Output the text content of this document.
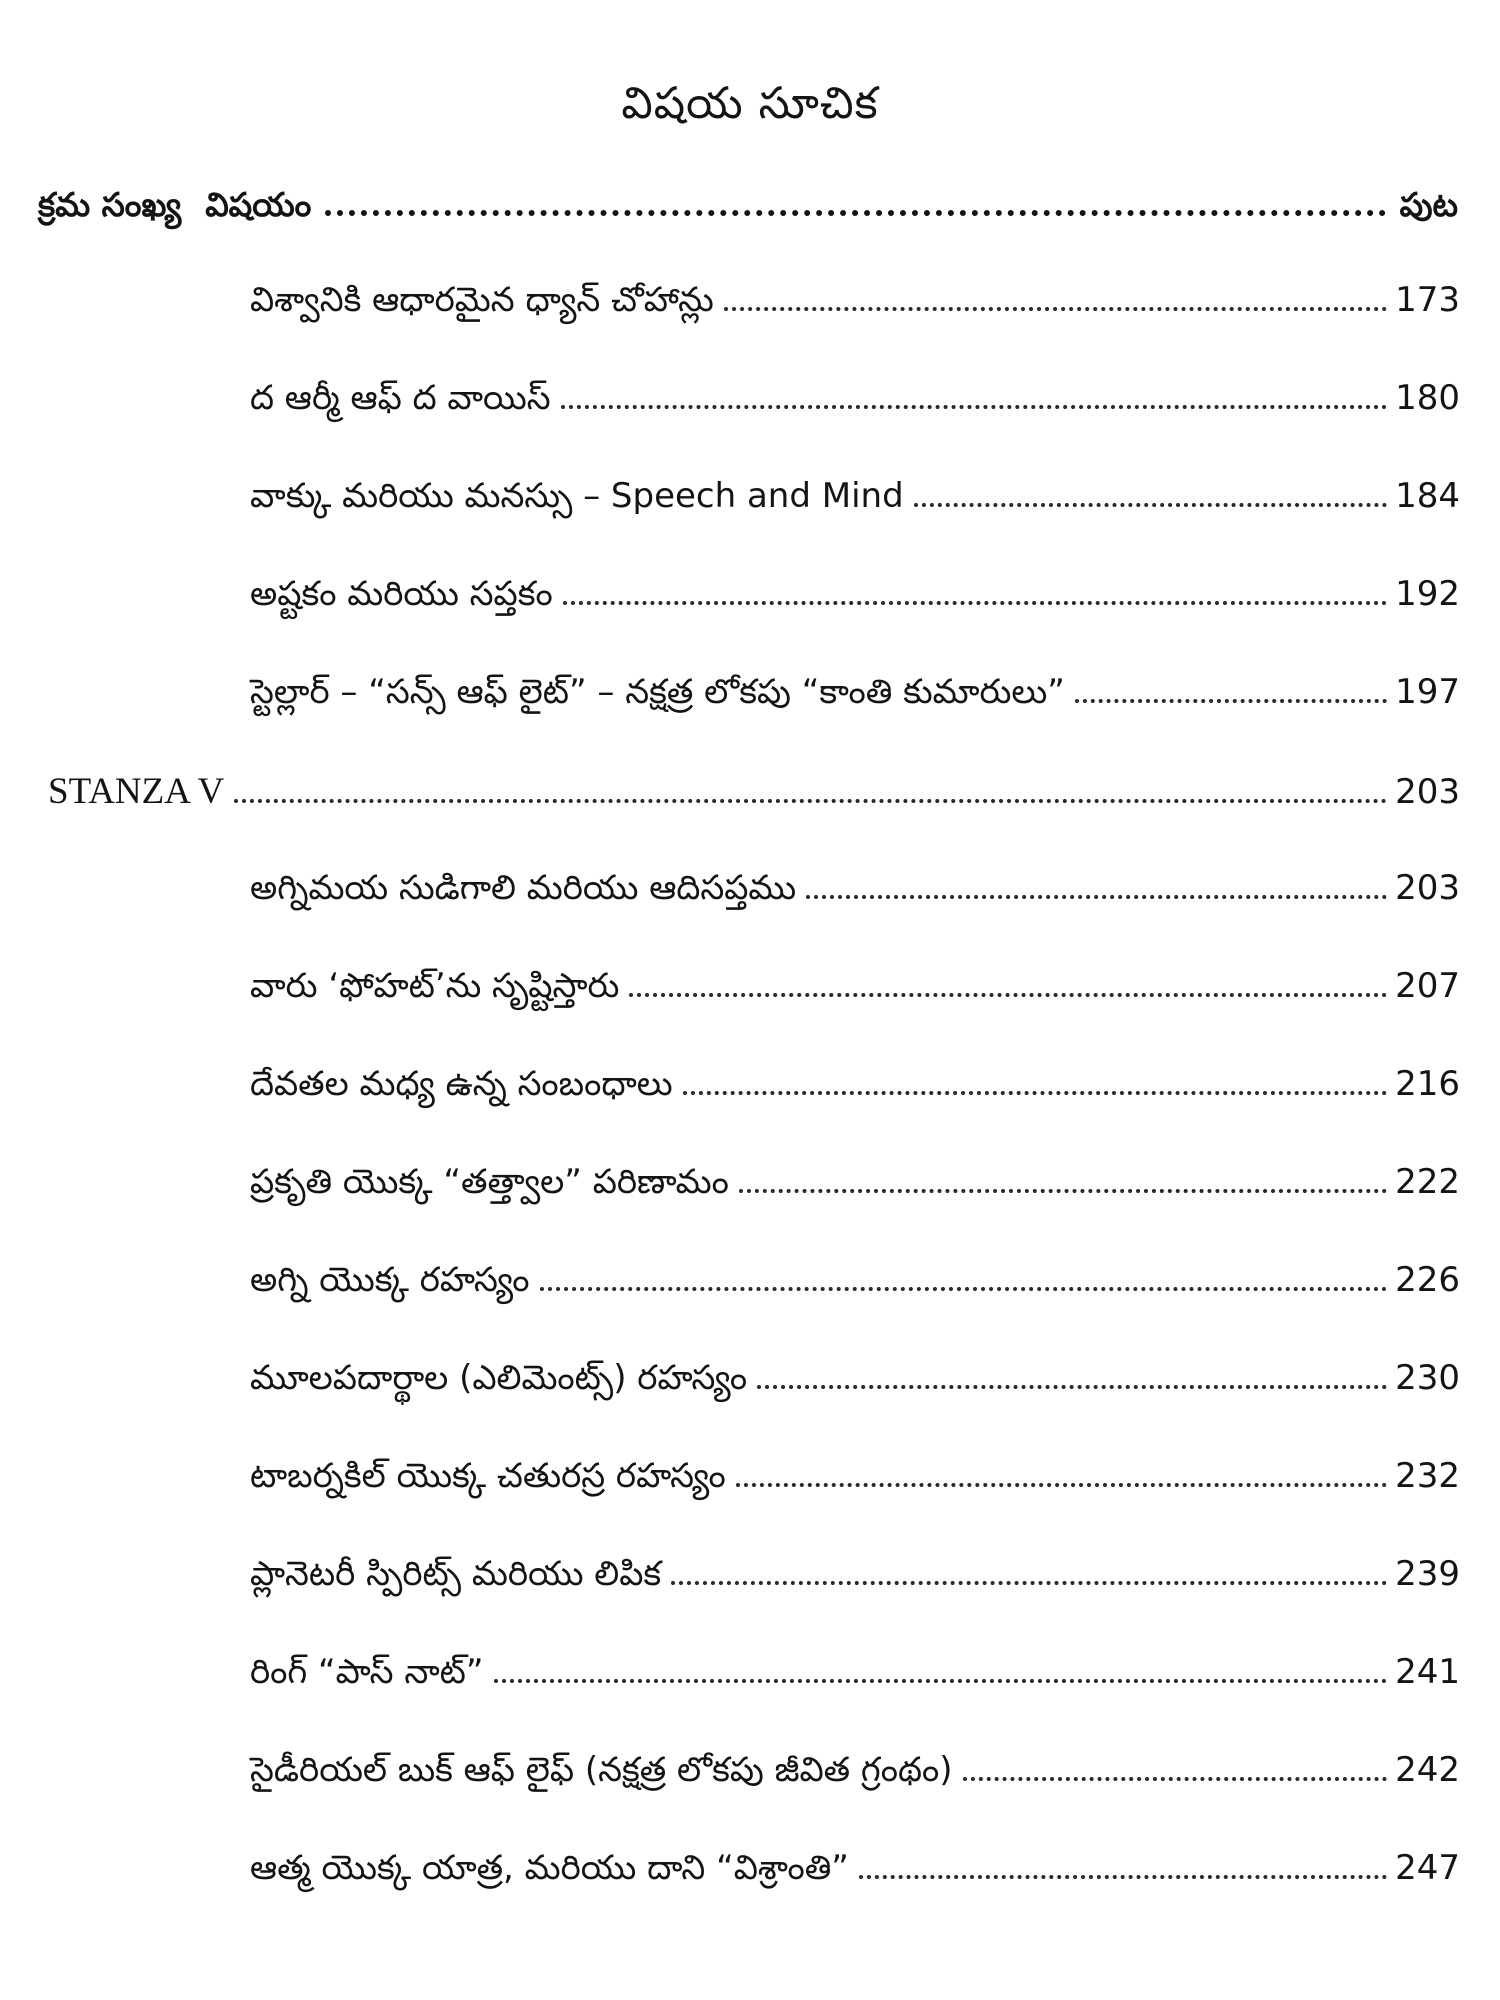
విషయ సూచిక
క్రమ సంఖ్య విషయం	పుట
విశ్వానికి ఆధారమైన ధ్యాన్ చోహాన్లు	173
ద ఆర్మీ ఆఫ్ ద వాయిస్	180
వాక్కు మరియు మనస్సు – Speech and Mind	184
అష్టకం మరియు సప్తకం	192
స్టెల్లార్ – “సన్స్ ఆఫ్ లైట్” – నక్షత్ర లోకపు “కాంతి కుమారులు”	197
STANZA V	203
అగ్నిమయ సుడిగాలి మరియు ఆదిసప్తము	203
వారు ‘ఫోహట్’ను సృష్టిస్తారు	207
దేవతల మధ్య ఉన్న సంబంధాలు	216
ప్రకృతి యొక్క “తత్త్వాల” పరిణామం	222
అగ్ని యొక్క రహస్యం	226
మూలపదార్థాల (ఎలిమెంట్స్) రహస్యం	230
టాబర్నకిల్ యొక్క చతురస్ర రహస్యం	232
ప్లానెటరీ స్పిరిట్స్ మరియు లిపిక	239
రింగ్ “పాస్ నాట్”	241
సైడీరియల్ బుక్ ఆఫ్ లైఫ్ (నక్షత్ర లోకపు జీవిత గ్రంథం)	242
ఆత్మ యొక్క యాత్ర, మరియు దాని “విశ్రాంతి”	247
